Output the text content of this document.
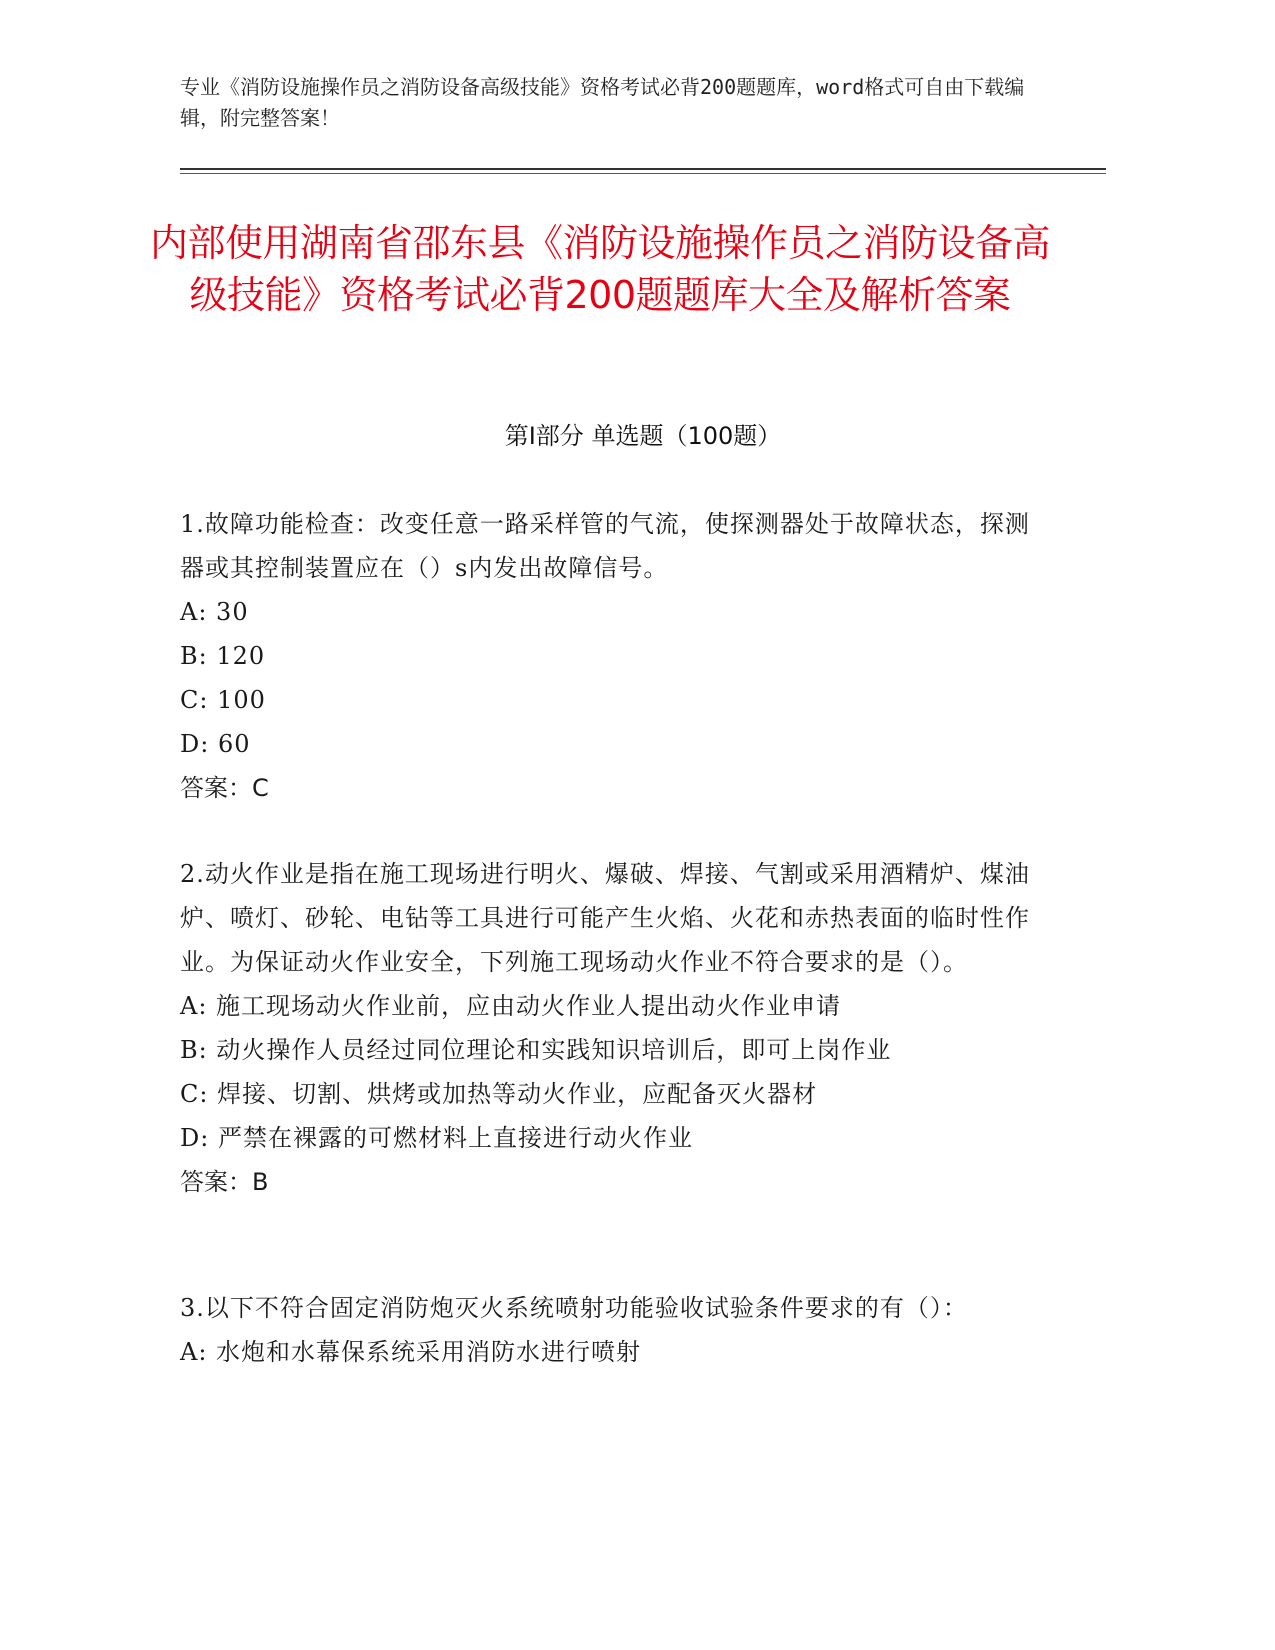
专业《消防设施操作员之消防设备高级技能》资格考试必背200题题库，word格式可自由下载编辑，附完整答案！
内部使用湖南省邵东县《消防设施操作员之消防设备高级技能》资格考试必背200题题库大全及解析答案
第Ⅰ部分 单选题（100题）

1.故障功能检查：改变任意一路采样管的气流，使探测器处于故障状态，探测器或其控制装置应在（）s内发出故障信号。

A: 30

B: 120

C: 100

D: 60

答案：C

2.动火作业是指在施工现场进行明火、爆破、焊接、气割或采用酒精炉、煤油炉、喷灯、砂轮、电钻等工具进行可能产生火焰、火花和赤热表面的临时性作业。为保证动火作业安全，下列施工现场动火作业不符合要求的是（）。

A: 施工现场动火作业前，应由动火作业人提出动火作业申请

B: 动火操作人员经过同位理论和实践知识培训后，即可上岗作业

C: 焊接、切割、烘烤或加热等动火作业，应配备灭火器材

D: 严禁在裸露的可燃材料上直接进行动火作业

答案：B

3.以下不符合固定消防炮灭火系统喷射功能验收试验条件要求的有（）：

A: 水炮和水幕保系统采用消防水进行喷射
